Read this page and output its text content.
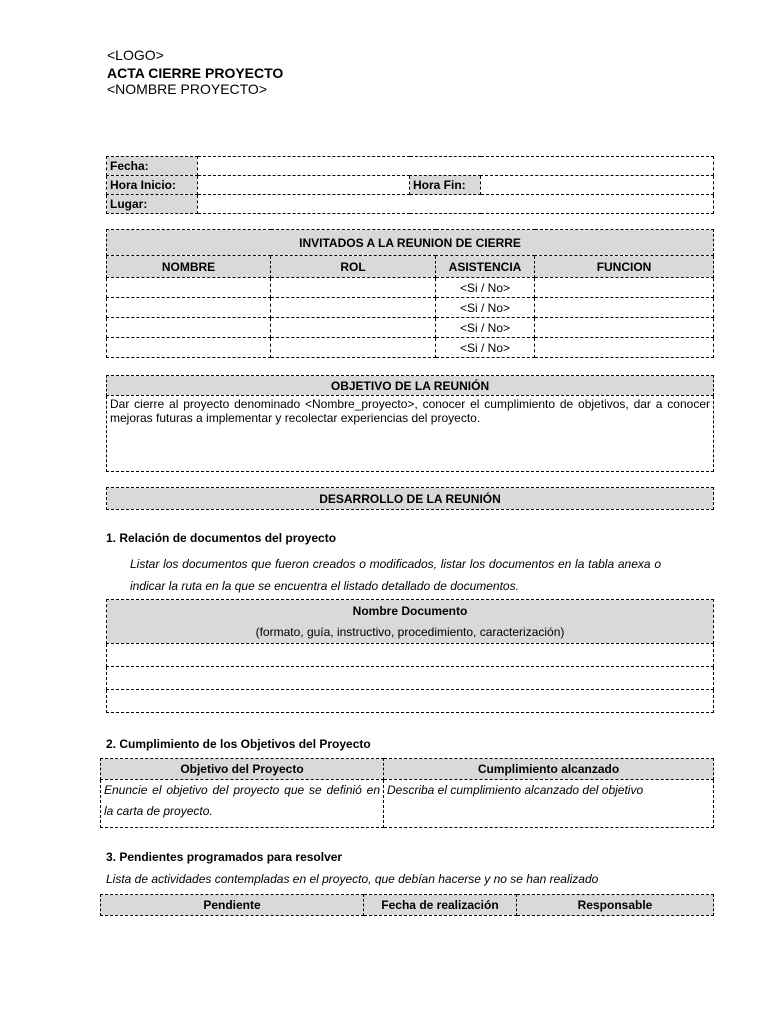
<LOGO>
ACTA CIERRE PROYECTO
<NOMBRE PROYECTO>
Fecha:			
Hora Inicio:		Hora Fin:	
Lugar:			
INVITADOS A LA REUNION DE CIERRE			
NOMBRE	ROL	ASISTENCIA	FUNCION
		<Si / No>	
		<Si / No>	
		<Si / No>	
		<Si / No>	
OBJETIVO DE LA REUNIÓN
Dar cierre al proyecto denominado <Nombre_proyecto>, conocer el cumplimiento de objetivos, dar a conocer mejoras futuras a implementar y recolectar experiencias del proyecto.
DESARROLLO DE LA REUNIÓN
1. Relación de documentos del proyecto
Listar los documentos que fueron creados o modificados, listar los documentos en la tabla anexa o indicar la ruta en la que se encuentra el listado detallado de documentos.
Nombre Documento
(formato, guía, instructivo, procedimiento, caracterización)

2. Cumplimiento de los Objetivos del Proyecto
Objetivo del Proyecto	Cumplimiento alcanzado
Enuncie el objetivo del proyecto que se definió en la carta de proyecto.	Describa el cumplimiento alcanzado del objetivo
3. Pendientes programados para resolver
Lista de actividades contempladas en el proyecto, que debían hacerse y no se han realizado
Pendiente	Fecha de realización	Responsable
